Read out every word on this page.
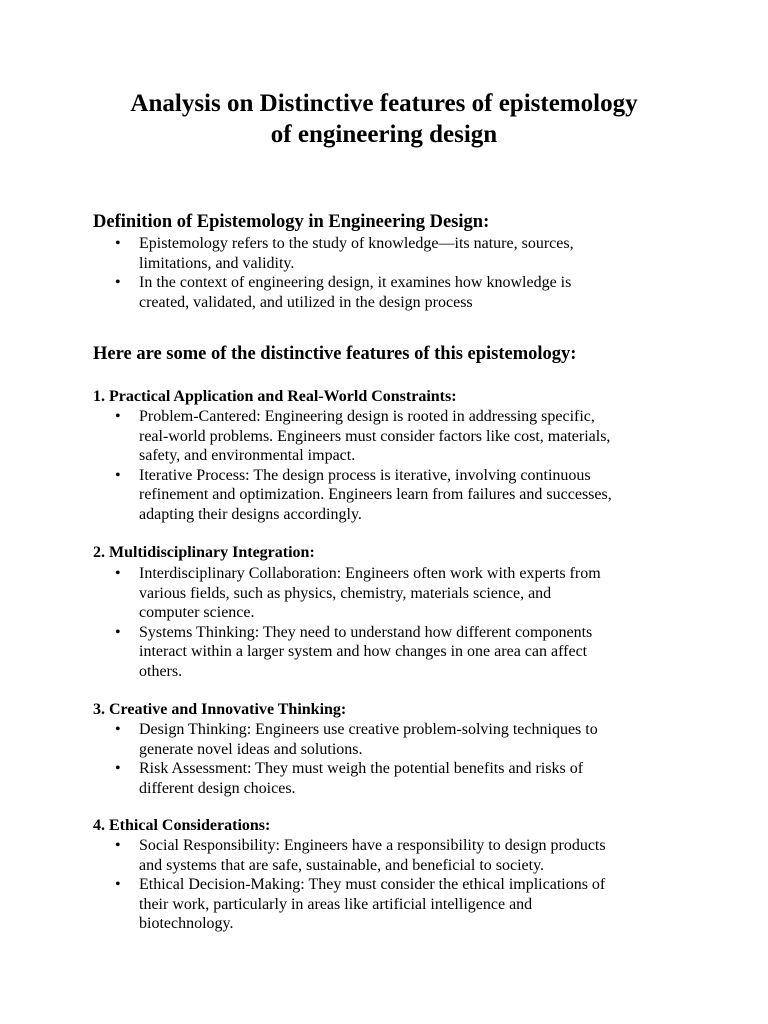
Analysis on Distinctive features of epistemology
of engineering design
Definition of Epistemology in Engineering Design:
• Epistemology refers to the study of knowledge—its nature, sources,
limitations, and validity.
• In the context of engineering design, it examines how knowledge is
created, validated, and utilized in the design process
Here are some of the distinctive features of this epistemology:
1. Practical Application and Real-World Constraints:
• Problem-Cantered: Engineering design is rooted in addressing specific,
real-world problems. Engineers must consider factors like cost, materials,
safety, and environmental impact.
• Iterative Process: The design process is iterative, involving continuous
refinement and optimization. Engineers learn from failures and successes,
adapting their designs accordingly.
2. Multidisciplinary Integration:
• Interdisciplinary Collaboration: Engineers often work with experts from
various fields, such as physics, chemistry, materials science, and
computer science.
• Systems Thinking: They need to understand how different components
interact within a larger system and how changes in one area can affect
others.
3. Creative and Innovative Thinking:
• Design Thinking: Engineers use creative problem-solving techniques to
generate novel ideas and solutions.
• Risk Assessment: They must weigh the potential benefits and risks of
different design choices.
4. Ethical Considerations:
• Social Responsibility: Engineers have a responsibility to design products
and systems that are safe, sustainable, and beneficial to society.
• Ethical Decision-Making: They must consider the ethical implications of
their work, particularly in areas like artificial intelligence and
biotechnology.
